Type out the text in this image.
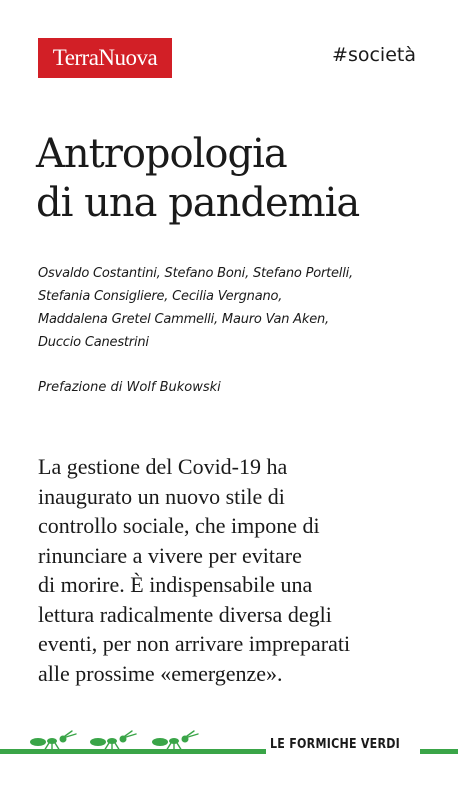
TerraNuova	#società
Antropologia
di una pandemia
Osvaldo Costantini, Stefano Boni, Stefano Portelli,
Stefania Consigliere, Cecilia Vergnano,
Maddalena Gretel Cammelli, Mauro Van Aken,
Duccio Canestrini
Prefazione di Wolf Bukowski
La gestione del Covid-19 ha
inaugurato un nuovo stile di
controllo sociale, che impone di
rinunciare a vivere per evitare
di morire. È indispensabile una
lettura radicalmente diversa degli
eventi, per non arrivare impreparati
alle prossime «emergenze».
LE FORMICHE VERDI
